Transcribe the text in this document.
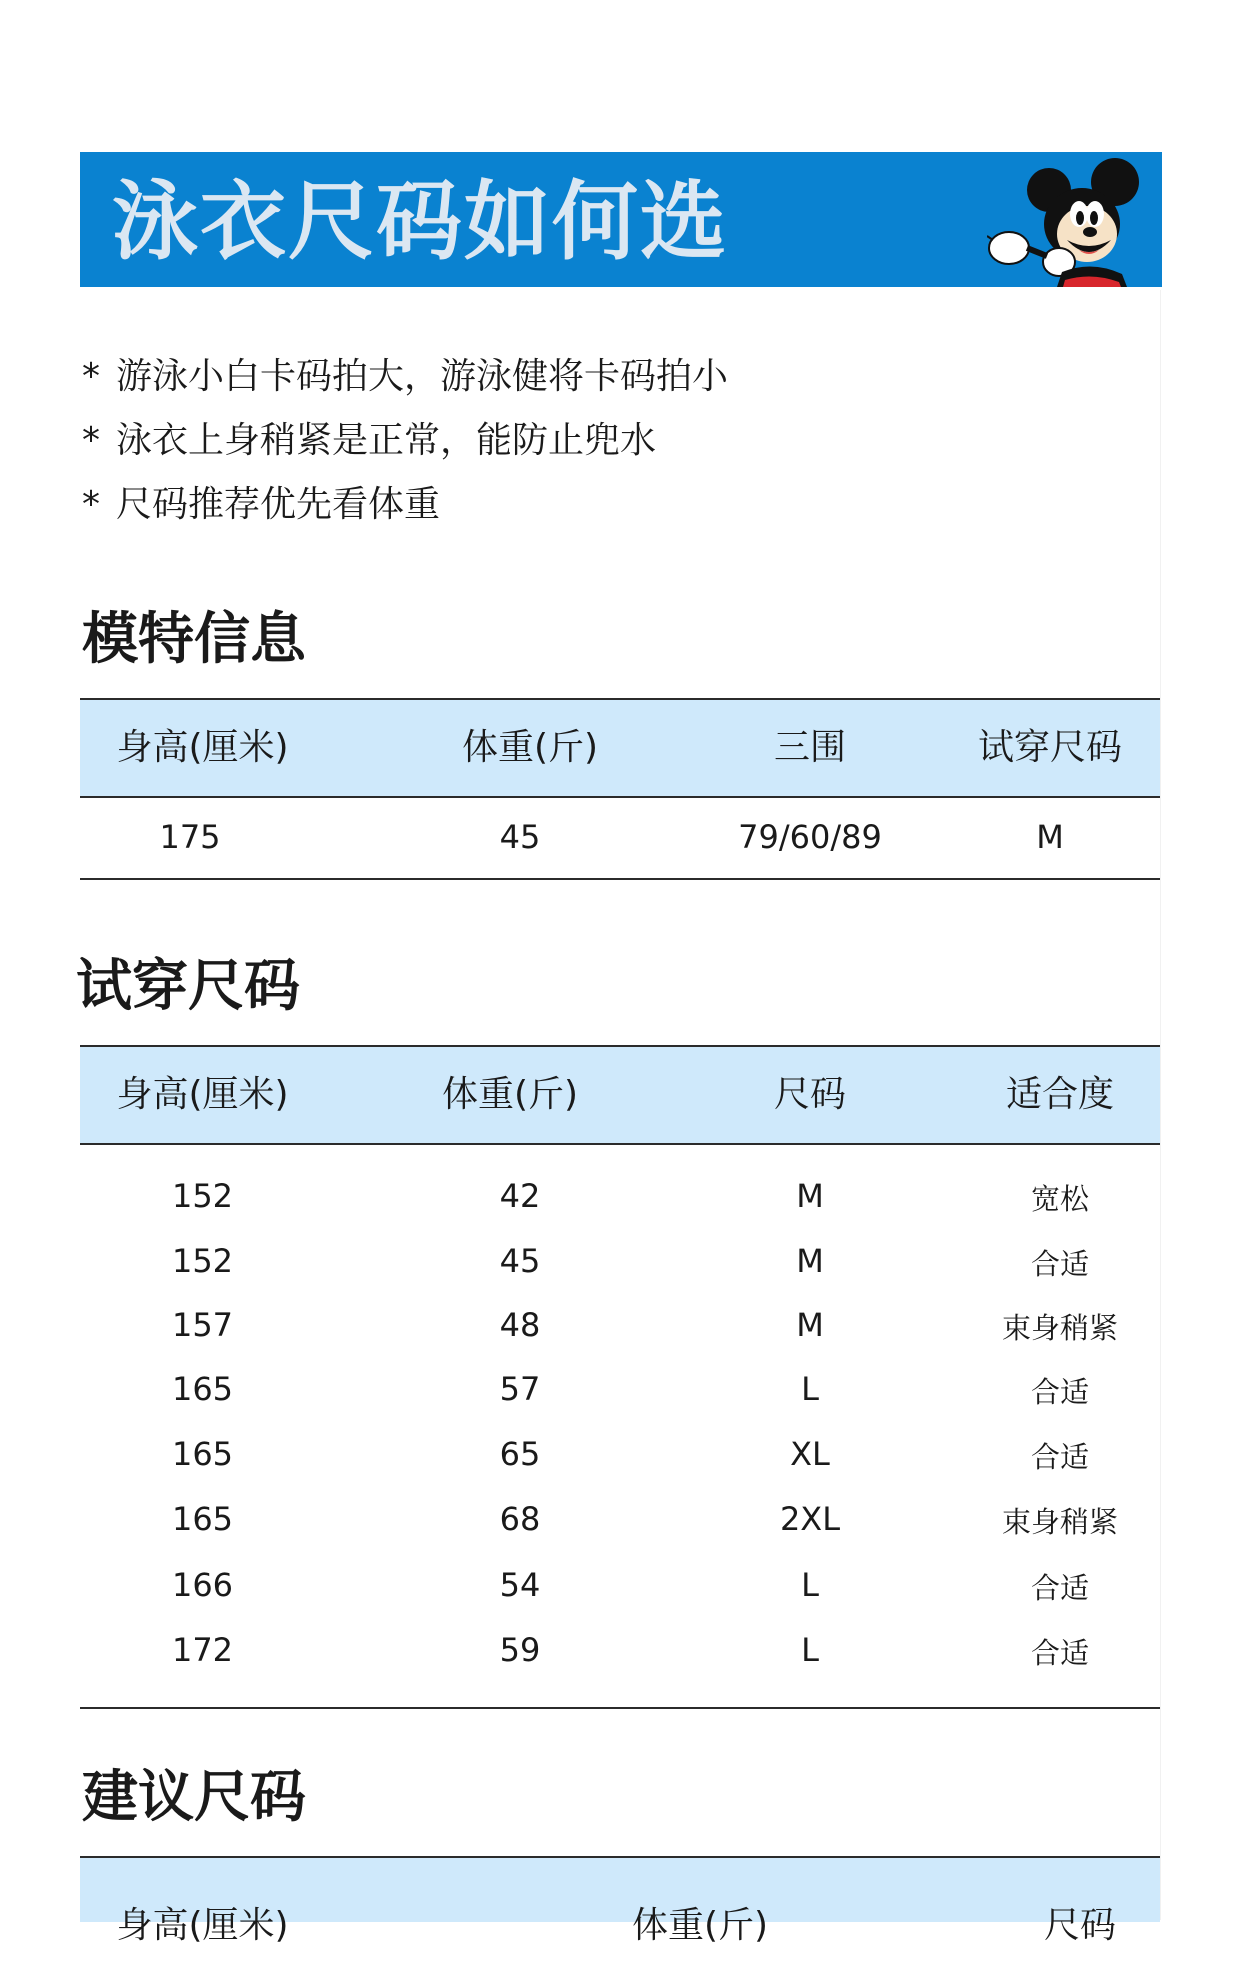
泳衣尺码如何选
* 游泳小白卡码拍大，游泳健将卡码拍小
* 泳衣上身稍紧是正常，能防止兜水
* 尺码推荐优先看体重
模特信息
身高(厘米)	体重(斤)	三围	试穿尺码
175	45	79/60/89	M
试穿尺码
身高(厘米)	体重(斤)	尺码	适合度
152	42	M	宽松
152	45	M	合适
157	48	M	束身稍紧
165	57	L	合适
165	65	XL	合适
165	68	2XL	束身稍紧
166	54	L	合适
172	59	L	合适
建议尺码
身高(厘米)	体重(斤)	尺码
